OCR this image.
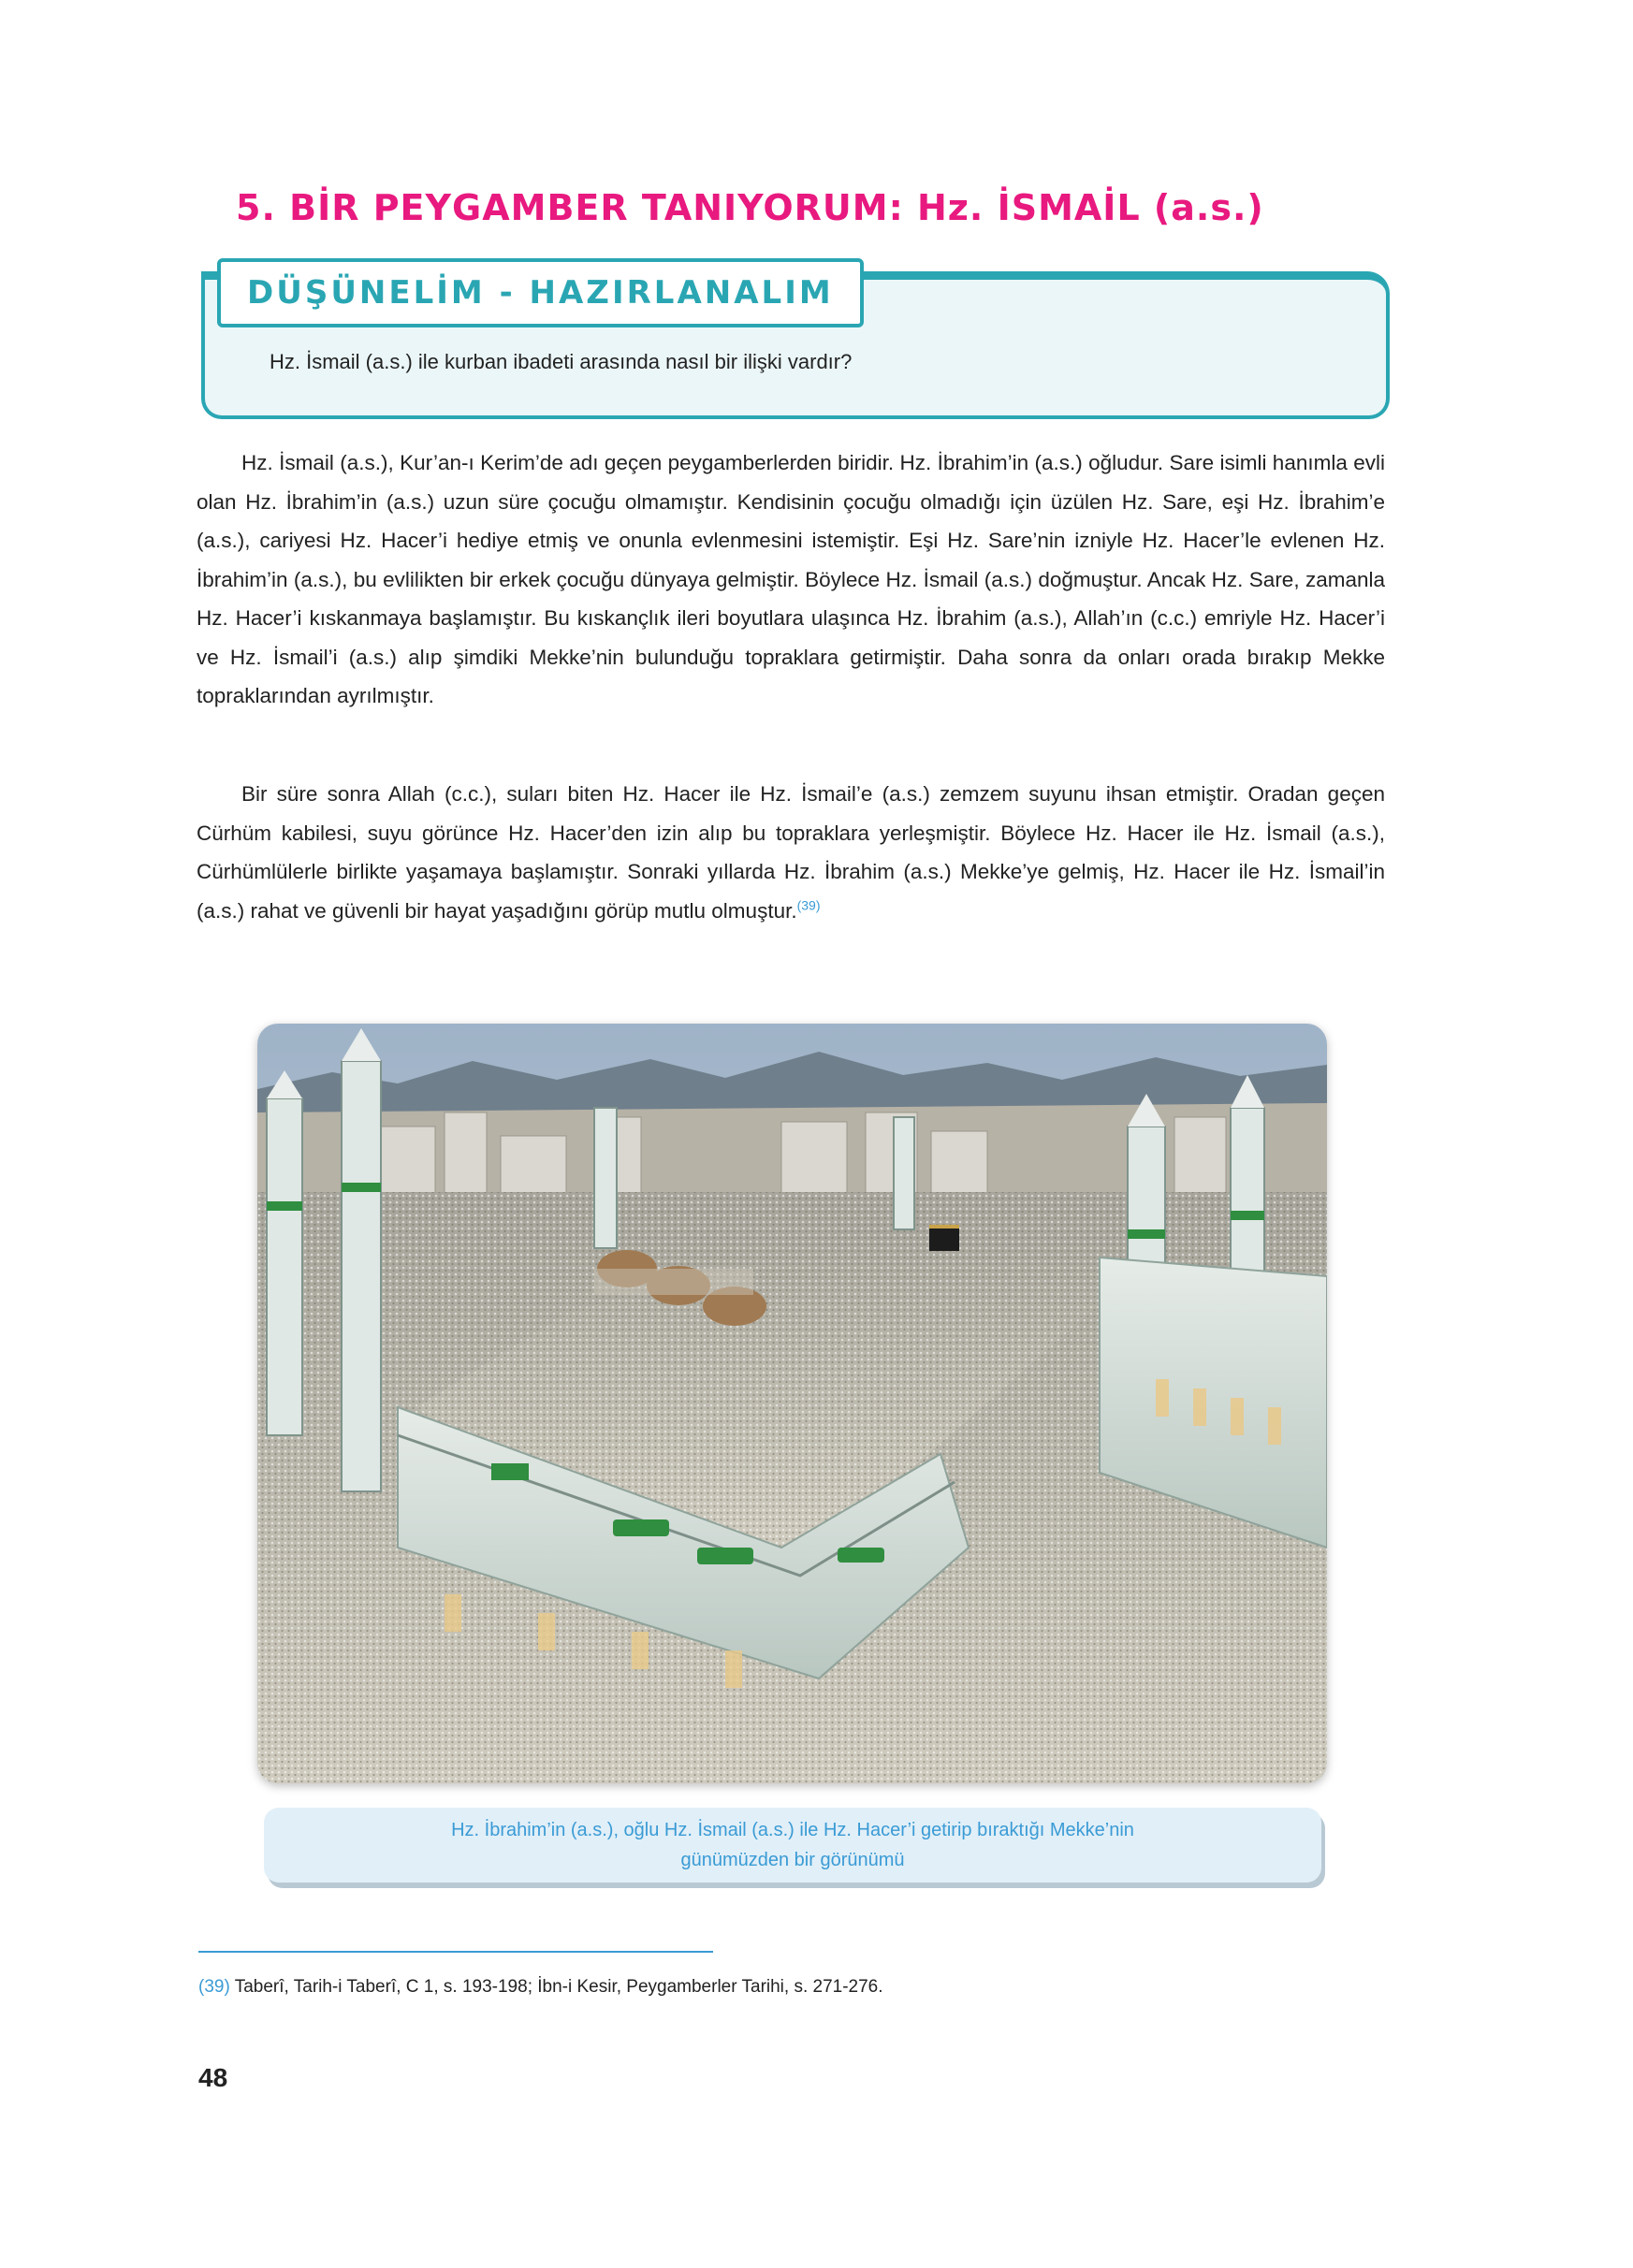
5. BİR PEYGAMBER TANIYORUM: Hz. İSMAİL (a.s.)
DÜŞÜNELİM - HAZIRLANALIM
Hz. İsmail (a.s.) ile kurban ibadeti arasında nasıl bir ilişki vardır?

Hz. İsmail (a.s.), Kur’an-ı Kerim’de adı geçen peygamberlerden biridir. Hz. İbrahim’in (a.s.) oğludur. Sare isimli hanımla evli olan Hz. İbrahim’in (a.s.) uzun süre çocuğu olmamıştır. Kendisinin çocuğu olmadığı için üzülen Hz. Sare, eşi Hz. İbrahim’e (a.s.), cariyesi Hz. Hacer’i hediye etmiş ve onunla evlenmesini istemiştir. Eşi Hz. Sare’nin izniyle Hz. Hacer’le evlenen Hz. İbrahim’in (a.s.), bu evlilikten bir erkek çocuğu dünyaya gelmiştir. Böylece Hz. İsmail (a.s.) doğmuştur. Ancak Hz. Sare, zamanla Hz. Hacer’i kıskanmaya başlamıştır. Bu kıskançlık ileri boyutlara ulaşınca Hz. İbrahim (a.s.), Allah’ın (c.c.) emriyle Hz. Hacer’i ve Hz. İsmail’i (a.s.) alıp şimdiki Mekke’nin bulunduğu topraklara getirmiştir. Daha sonra da onları orada bırakıp Mekke topraklarından ayrılmıştır.

Bir süre sonra Allah (c.c.), suları biten Hz. Hacer ile Hz. İsmail’e (a.s.) zemzem suyunu ihsan etmiştir. Oradan geçen Cürhüm kabilesi, suyu görünce Hz. Hacer’den izin alıp bu topraklara yerleşmiştir. Böylece Hz. Hacer ile Hz. İsmail (a.s.), Cürhümlülerle birlikte yaşamaya başlamıştır. Sonraki yıllarda Hz. İbrahim (a.s.) Mekke’ye gelmiş, Hz. Hacer ile Hz. İsmail’in (a.s.) rahat ve güvenli bir hayat yaşadığını görüp mutlu olmuştur.$^{(39)}$

Hz. İbrahim’in (a.s.), oğlu Hz. İsmail (a.s.) ile Hz. Hacer’i getirip bıraktığı Mekke’nin
günümüzden bir görünümü
(39) Taberî, Tarih-i Taberî, C 1, s. 193-198; İbn-i Kesir, Peygamberler Tarihi, s. 271-276.
48
